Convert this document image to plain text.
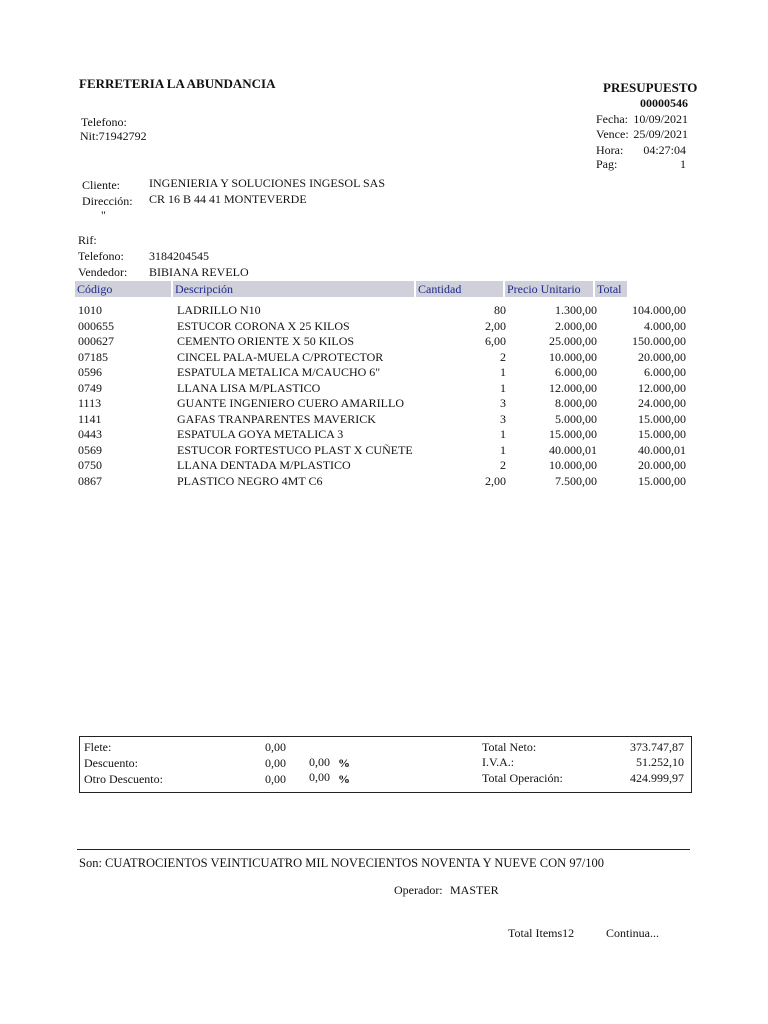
FERRETERIA LA ABUNDANCIA
Telefono:
Nit:71942792
PRESUPUESTO
00000546
Fecha: 10/09/2021
Vence: 25/09/2021
Hora:	04:27:04
Pag:	1
Cliente: INGENIERIA Y SOLUCIONES INGESOL SAS
Dirección: CR 16 B 44 41 MONTEVERDE
"
Rif:
Telefono: 3184204545
Vendedor: BIBIANA REVELO
Código	Descripción	Cantidad	Precio Unitario	Total
1010	LADRILLO N10	80	1.300,00	104.000,00
000655	ESTUCOR CORONA X 25 KILOS	2,00	2.000,00	4.000,00
000627	CEMENTO ORIENTE X 50 KILOS	6,00	25.000,00	150.000,00
07185	CINCEL PALA-MUELA C/PROTECTOR	2	10.000,00	20.000,00
0596	ESPATULA METALICA M/CAUCHO 6"	1	6.000,00	6.000,00
0749	LLANA LISA M/PLASTICO	1	12.000,00	12.000,00
1113	GUANTE INGENIERO CUERO AMARILLO	3	8.000,00	24.000,00
1141	GAFAS TRANPARENTES MAVERICK	3	5.000,00	15.000,00
0443	ESPATULA GOYA METALICA 3	1	15.000,00	15.000,00
0569	ESTUCOR FORTESTUCO PLAST X CUÑETE	1	40.000,01	40.000,01
0750	LLANA DENTADA M/PLASTICO	2	10.000,00	20.000,00
0867	PLASTICO NEGRO 4MT C6	2,00	7.500,00	15.000,00
Flete:	0,00
Descuento:	0,00	0,00 %
Otro Descuento:	0,00	0,00 %
Total Neto:	373.747,87
I.V.A.:	51.252,10
Total Operación:	424.999,97
Son: CUATROCIENTOS VEINTICUATRO MIL NOVECIENTOS NOVENTA Y NUEVE CON 97/100
Operador: MASTER
Total Items12	Continua...
